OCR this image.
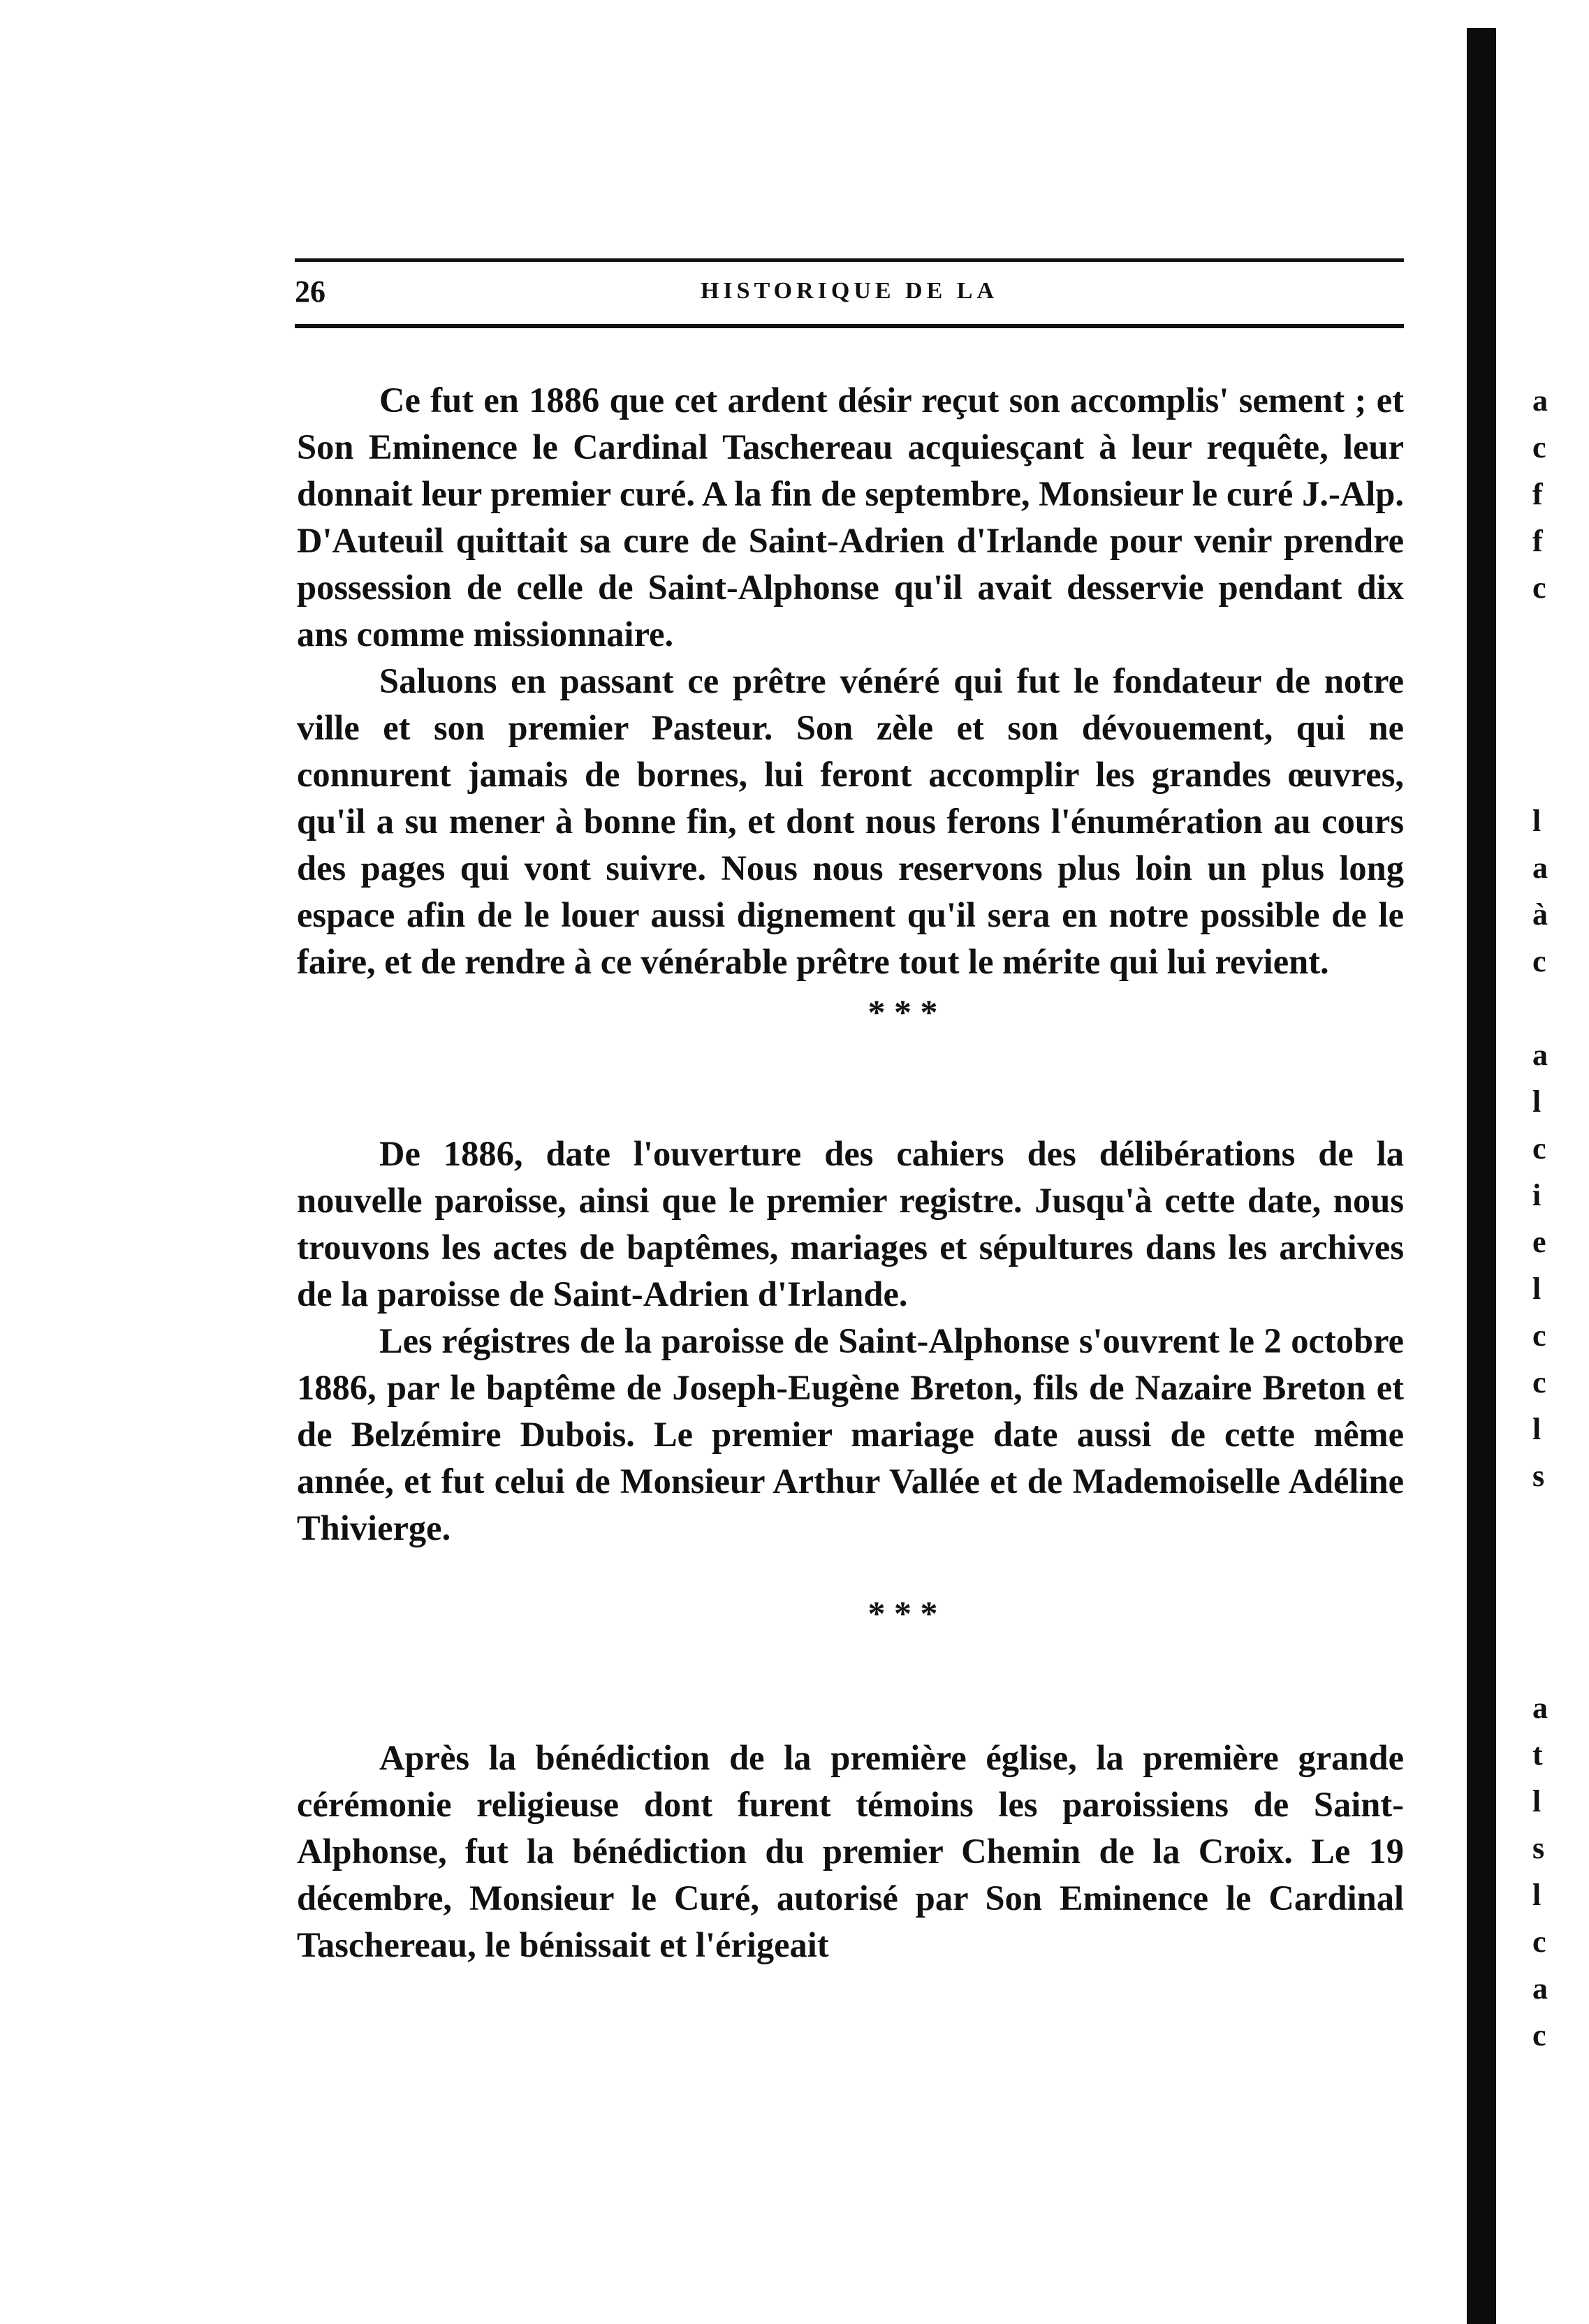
26	HISTORIQUE DE LA

Ce fut en 1886 que cet ardent désir reçut son accomplis' sement ; et Son Eminence le Cardinal Taschereau acquiesçant à leur requête, leur donnait leur premier curé. A la fin de septembre, Monsieur le curé J.-Alp. D'Auteuil quittait sa cure de Saint-Adrien d'Irlande pour venir prendre possession de celle de Saint-Alphonse qu'il avait desservie pendant dix ans comme missionnaire.

Saluons en passant ce prêtre vénéré qui fut le fondateur de notre ville et son premier Pasteur. Son zèle et son dévouement, qui ne connurent jamais de bornes, lui feront accomplir les grandes œuvres, qu'il a su mener à bonne fin, et dont nous ferons l'énumération au cours des pages qui vont suivre. Nous nous reservons plus loin un plus long espace afin de le louer aussi dignement qu'il sera en notre possible de le faire, et de rendre à ce vénérable prêtre tout le mérite qui lui revient.

* * *

De 1886, date l'ouverture des cahiers des délibérations de la nouvelle paroisse, ainsi que le premier registre. Jusqu'à cette date, nous trouvons les actes de baptêmes, mariages et sépultures dans les archives de la paroisse de Saint-Adrien d'Irlande.

Les régistres de la paroisse de Saint-Alphonse s'ouvrent le 2 octobre 1886, par le baptême de Joseph-Eugène Breton, fils de Nazaire Breton et de Belzémire Dubois. Le premier mariage date aussi de cette même année, et fut celui de Monsieur Arthur Vallée et de Mademoiselle Adéline Thivierge.

* * *

Après la bénédiction de la première église, la première grande cérémonie religieuse dont furent témoins les paroissiens de Saint-Alphonse, fut la bénédiction du premier Chemin de la Croix. Le 19 décembre, Monsieur le Curé, autorisé par Son Eminence le Cardinal Taschereau, le bénissait et l'érigeait

a
c
f
f
c
l
a
à
c
a
l
c
i
e
l
c
c
l
s
a
t
l
s
l
c
a
c
